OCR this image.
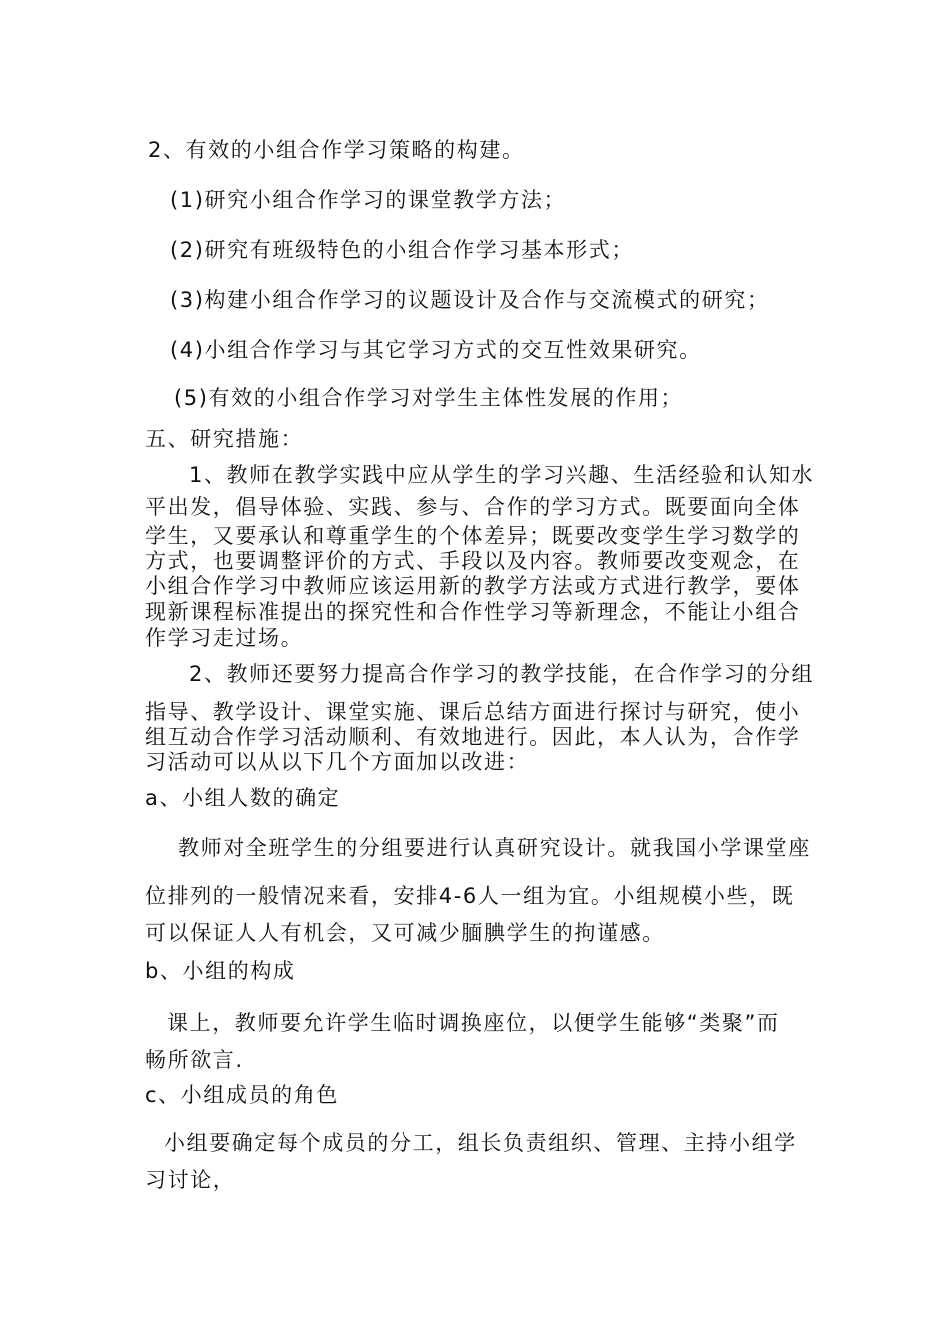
2、有效的小组合作学习策略的构建。

(1)研究小组合作学习的课堂教学方法；

(2)研究有班级特色的小组合作学习基本形式；

(3)构建小组合作学习的议题设计及合作与交流模式的研究；

(4)小组合作学习与其它学习方式的交互性效果研究。

(5)有效的小组合作学习对学生主体性发展的作用；

五、研究措施：

1、教师在教学实践中应从学生的学习兴趣、生活经验和认知水

平出发，倡导体验、实践、参与、合作的学习方式。既要面向全体

学生，又要承认和尊重学生的个体差异；既要改变学生学习数学的

方式，也要调整评价的方式、手段以及内容。教师要改变观念，在

小组合作学习中教师应该运用新的教学方法或方式进行教学，要体

现新课程标准提出的探究性和合作性学习等新理念，不能让小组合

作学习走过场。

2、教师还要努力提高合作学习的教学技能，在合作学习的分组

指导、教学设计、课堂实施、课后总结方面进行探讨与研究，使小

组互动合作学习活动顺利、有效地进行。因此，本人认为，合作学

习活动可以从以下几个方面加以改进：

a、小组人数的确定

教师对全班学生的分组要进行认真研究设计。就我国小学课堂座

位排列的一般情况来看，安排4-6人一组为宜。小组规模小些，既

可以保证人人有机会，又可减少腼腆学生的拘谨感。

b、小组的构成

课上，教师要允许学生临时调换座位，以便学生能够“类聚”而

畅所欲言.

c、小组成员的角色

小组要确定每个成员的分工，组长负责组织、管理、主持小组学

习讨论，
